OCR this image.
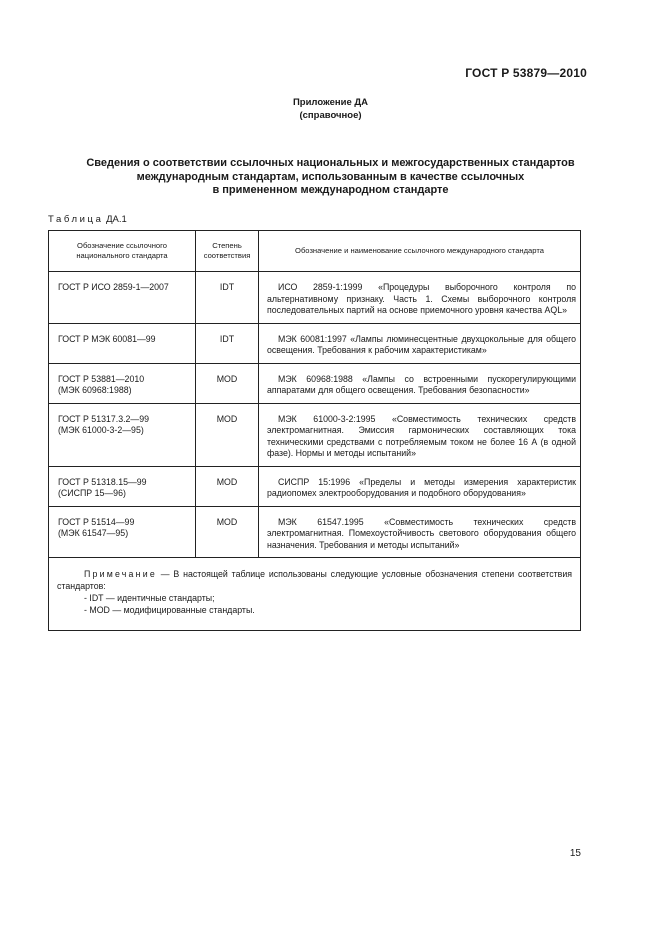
ГОСТ Р 53879—2010
Приложение ДА
(справочное)
Сведения о соответствии ссылочных национальных и межгосударственных стандартов
международным стандартам, использованным в качестве ссылочных
в примененном международном стандарте
Таблица ДА.1
Обозначение ссылочного национального стандарта	Степень соответствия	Обозначение и наименование ссылочного международного стандарта

ГОСТ Р ИСО 2859-1—2007	IDT	ИСО 2859-1:1999 «Процедуры выборочного контроля по альтернативному признаку. Часть 1. Схемы выборочного контроля последовательных партий на основе приемочного уровня качества AQL»

ГОСТ Р МЭК 60081—99	IDT	МЭК 60081:1997 «Лампы люминесцентные двухцокольные для общего освещения. Требования к рабочим характеристикам»

ГОСТ Р 53881—2010
(МЭК 60968:1988)	MOD	МЭК 60968:1988 «Лампы со встроенными пускорегулирующими аппаратами для общего освещения. Требования безопасности»

ГОСТ Р 51317.3.2—99
(МЭК 61000-3-2—95)	MOD	МЭК 61000-3-2:1995 «Совместимость технических средств электромагнитная. Эмиссия гармонических составляющих тока техническими средствами с потребляемым током не более 16 А (в одной фазе). Нормы и методы испытаний»

ГОСТ Р 51318.15—99
(СИСПР 15—96)	MOD	СИСПР 15:1996 «Пределы и методы измерения характеристик радиопомех электрооборудования и подобного оборудования»

ГОСТ Р 51514—99
(МЭК 61547—95)	MOD	МЭК 61547.1995 «Совместимость технических средств электромагнитная. Помехоустойчивость светового оборудования общего назначения. Требования и методы испытаний»

Примечание — В настоящей таблице использованы следующие условные обозначения степени соответствия стандартов:
- IDT — идентичные стандарты;
- MOD — модифицированные стандарты.		
15
